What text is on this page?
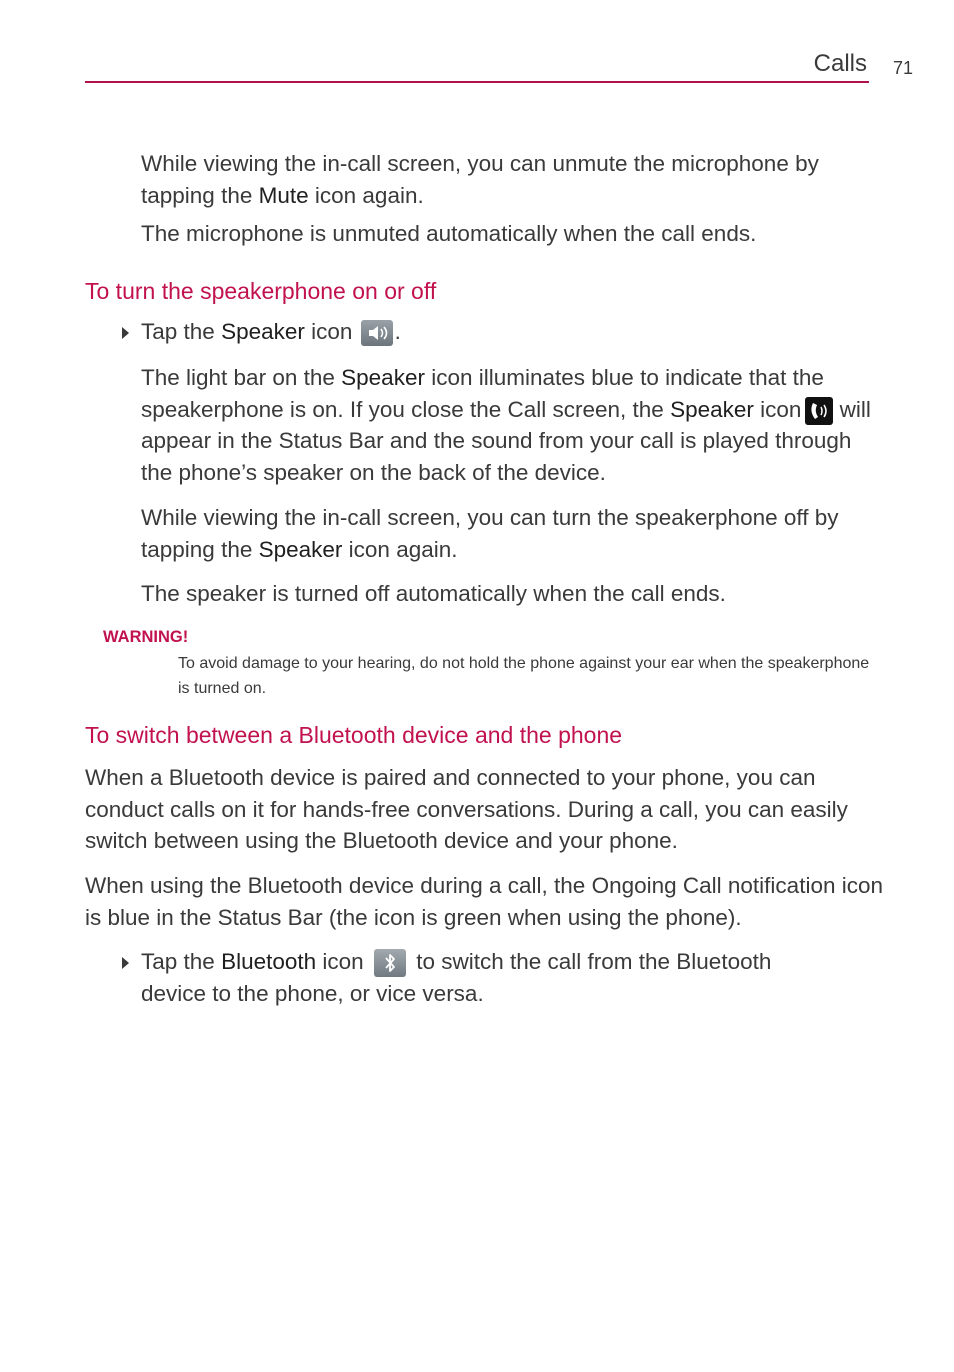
Calls 71

While viewing the in-call screen, you can unmute the microphone by tapping the Mute icon again.

The microphone is unmuted automatically when the call ends.

To turn the speakerphone on or off

Tap the Speaker icon .

The light bar on the Speaker icon illuminates blue to indicate that the speakerphone is on. If you close the Call screen, the Speaker icon
will appear in the Status Bar and the sound from your call is played through the phone’s speaker on the back of the device.

While viewing the in-call screen, you can turn the speakerphone off by tapping the Speaker icon again.

The speaker is turned off automatically when the call ends.

WARNING!

To avoid damage to your hearing, do not hold the phone against your ear when the speakerphone is turned on.

To switch between a Bluetooth device and the phone

When a Bluetooth device is paired and connected to your phone, you can conduct calls on it for hands-free conversations. During a call, you can easily switch between using the Bluetooth device and your phone.

When using the Bluetooth device during a call, the Ongoing Call notification icon is blue in the Status Bar (the icon is green when using the phone).

Tap the Bluetooth icon
to switch the call from the Bluetooth device to the phone, or vice versa.
